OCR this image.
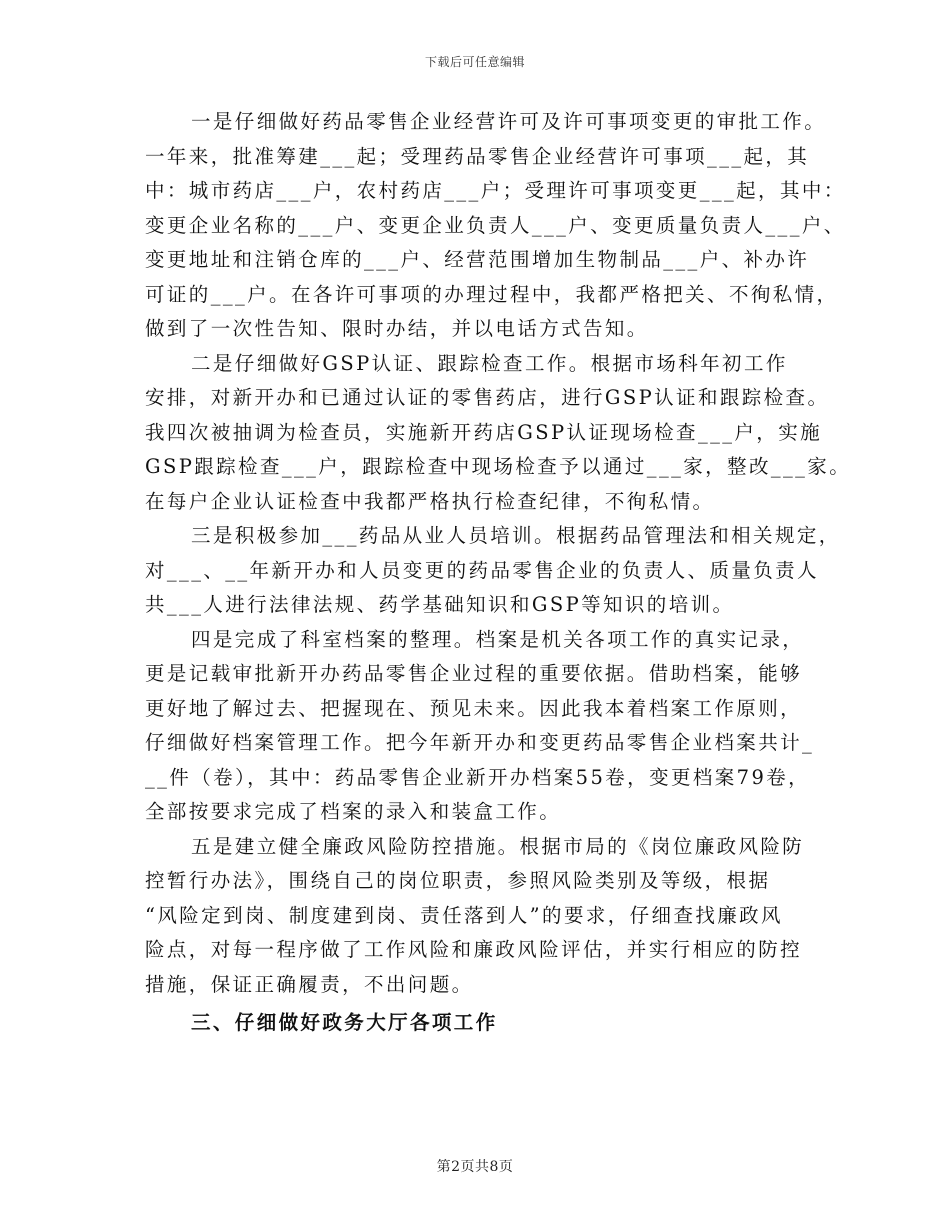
下载后可任意编辑
一是仔细做好药品零售企业经营许可及许可事项变更的审批工作。
一年来，批准筹建___起；受理药品零售企业经营许可事项___起，其
中：城市药店___户，农村药店___户；受理许可事项变更___起，其中：
变更企业名称的___户、变更企业负责人___户、变更质量负责人___户、
变更地址和注销仓库的___户、经营范围增加生物制品___户、补办许
可证的___户。在各许可事项的办理过程中，我都严格把关、不徇私情，
做到了一次性告知、限时办结，并以电话方式告知。
二是仔细做好GSP认证、跟踪检查工作。根据市场科年初工作
安排，对新开办和已通过认证的零售药店，进行GSP认证和跟踪检查。
我四次被抽调为检查员，实施新开药店GSP认证现场检查___户，实施
GSP跟踪检查___户，跟踪检查中现场检查予以通过___家，整改___家。
在每户企业认证检查中我都严格执行检查纪律，不徇私情。
三是积极参加___药品从业人员培训。根据药品管理法和相关规定，
对___、__年新开办和人员变更的药品零售企业的负责人、质量负责人
共___人进行法律法规、药学基础知识和GSP等知识的培训。
四是完成了科室档案的整理。档案是机关各项工作的真实记录，
更是记载审批新开办药品零售企业过程的重要依据。借助档案，能够
更好地了解过去、把握现在、预见未来。因此我本着档案工作原则，
仔细做好档案管理工作。把今年新开办和变更药品零售企业档案共计_
__件（卷），其中：药品零售企业新开办档案55卷，变更档案79卷，
全部按要求完成了档案的录入和装盒工作。
五是建立健全廉政风险防控措施。根据市局的《岗位廉政风险防
控暂行办法》，围绕自己的岗位职责，参照风险类别及等级，根据
“风险定到岗、制度建到岗、责任落到人”的要求，仔细查找廉政风
险点，对每一程序做了工作风险和廉政风险评估，并实行相应的防控
措施，保证正确履责，不出问题。
三、仔细做好政务大厅各项工作
第2页共8页
